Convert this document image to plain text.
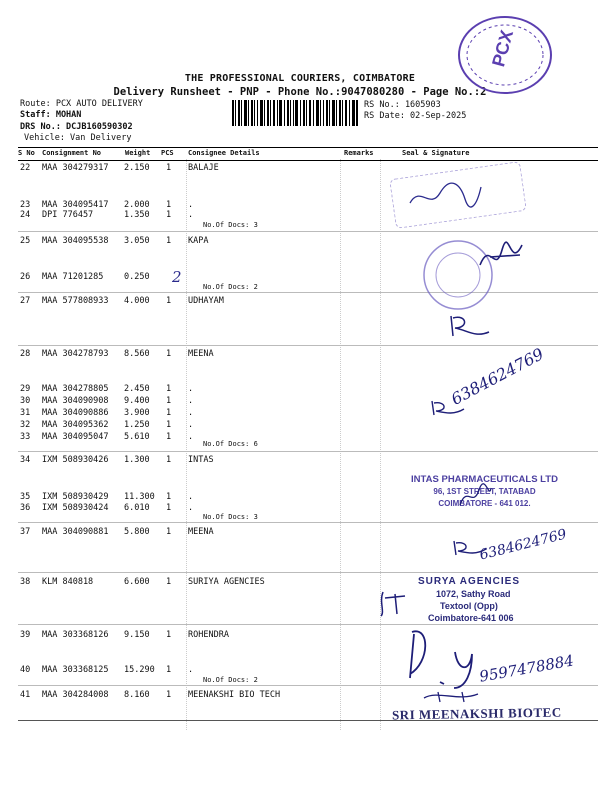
THE PROFESSIONAL COURIERS, COIMBATORE
Delivery Runsheet - PNP - Phone No.:9047080280 - Page No.:2
Route: PCX AUTO DELIVERY
Staff: MOHAN
DRS No.: DCJB160590302
Vehicle: Van Delivery
RS No.: 1605903
RS Date: 02-Sep-2025
S No Consignment No	Weight PCS Consignee Details	Remarks	Seal & Signature
22 MAA 304279317 2.150	1	BALAJE
23 MAA 304095417 2.000	1	.
24 DPI 776457	1.350	1	.
25 MAA 304095538 3.050	1	KAPA
26 MAA 71201285 0.250
27 MAA 577808933 4.000	1	UDHAYAM
28 MAA 304278793 8.560	1	MEENA
29 MAA 304278805 2.450	1	.
30 MAA 304090908 9.400	1	.
31 MAA 304090886 3.900	1	.
32 MAA 304095362 1.250	1	.
33 MAA 304095047 5.610	1	.
34 IXM 508930426 1.300	1	INTAS
35 IXM 508930429 11.300	1	.
36 IXM 508930424 6.010	1	.
37 MAA 304090881 5.800	1	MEENA
38 KLM 840818	6.600	1	SURIYA AGENCIES
39 MAA 303368126 9.150	1	ROHENDRA
40 MAA 303368125 15.290	1	.
41 MAA 304284008 8.160	1	MEENAKSHI BIO TECH
No.Of Docs: 3
No.Of Docs: 2
No.Of Docs: 6
No.Of Docs: 3
No.Of Docs: 2
2
PCX
6384624769
INTAS PHARMACEUTICALS LTD
96, 1ST STREET, TATABAD
COIMBATORE - 641 012.
6384624769
SURYA AGENCIES
1072, Sathy Road
Textool (Opp)
Coimbatore-641 006
9597478884
SRI MEENAKSHI BIOTEC
